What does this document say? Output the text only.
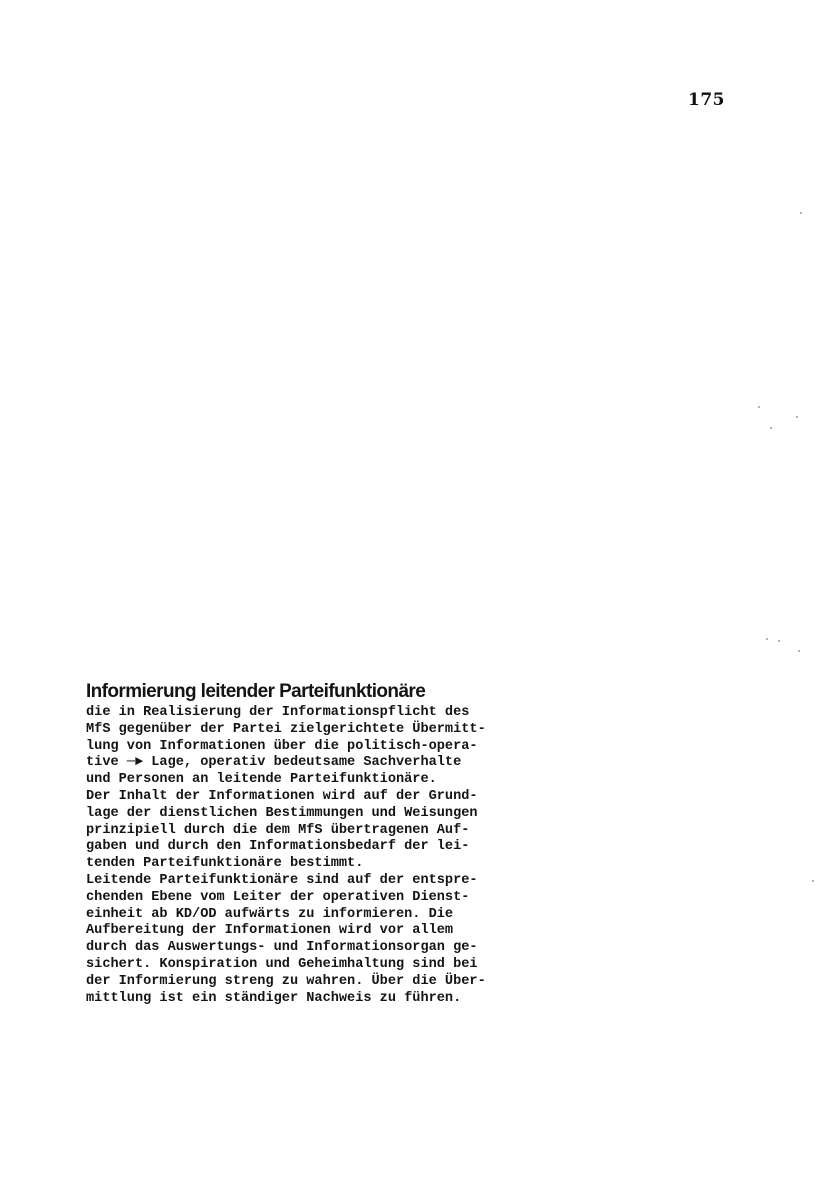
175
Informierung leitender Parteifunktionäre
die in Realisierung der Informationspflicht des
MfS gegenüber der Partei zielgerichtete Übermitt-
lung von Informationen über die politisch-opera-
tive ─► Lage, operativ bedeutsame Sachverhalte
und Personen an leitende Parteifunktionäre.
Der Inhalt der Informationen wird auf der Grund-
lage der dienstlichen Bestimmungen und Weisungen
prinzipiell durch die dem MfS übertragenen Auf-
gaben und durch den Informationsbedarf der lei-
tenden Parteifunktionäre bestimmt.
Leitende Parteifunktionäre sind auf der entspre-
chenden Ebene vom Leiter der operativen Dienst-
einheit ab KD/OD aufwärts zu informieren. Die
Aufbereitung der Informationen wird vor allem
durch das Auswertungs- und Informationsorgan ge-
sichert. Konspiration und Geheimhaltung sind bei
der Informierung streng zu wahren. Über die Über-
mittlung ist ein ständiger Nachweis zu führen.
